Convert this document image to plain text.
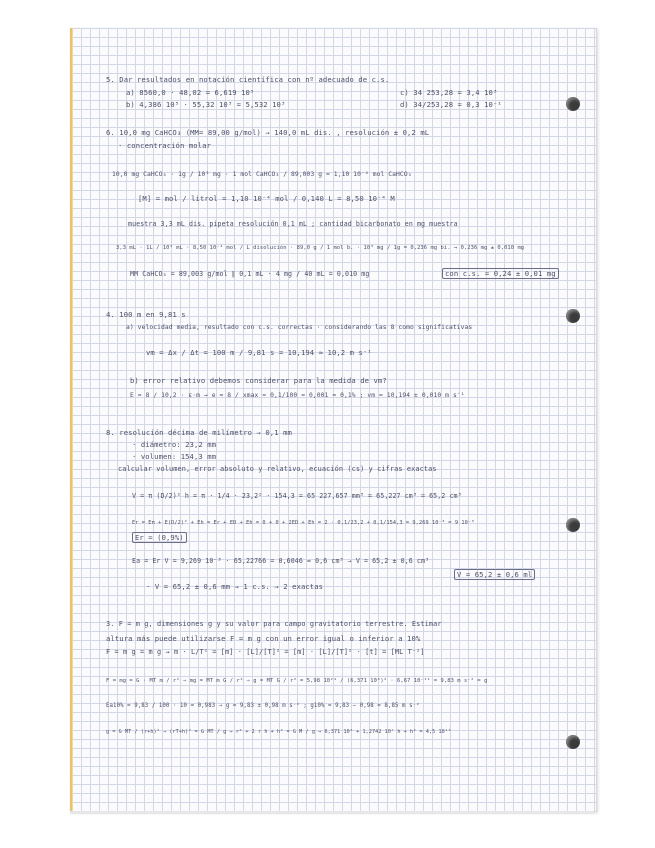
5. Dar resultados en notación científica con nº adecuado de c.s.
a) 8560,0 · 48,02 = 6,619 10⁵	c) 34 253,28 = 3,4 10³
b) 4,386 10⁵ · 55,32 10³ = 5,532 10³	d) 34/253,28 = 0,3 10⁻¹
6. 10,0 mg CaHCO₃ (MM= 89,00 g/mol) → 140,0 mL dis. , resolución ± 0,2 mL
· concentración molar
10,0 mg CaHCO₃ · 1g / 10³ mg · 1 mol CaHCO₃ / 89,003 g = 1,10 10⁻⁴ mol CaHCO₃
[M] = mol / litrol = 1,10 10⁻⁴ mol / 0,140 L = 8,50 10⁻⁴ M
muestra 3,3 mL dis. pipeta resolución 0,1 mL ; cantidad bicarbonato en mg muestra
3,3 mL · 1L / 10³ mL · 8,50 10⁻⁴ mol / L disolución · 89,0 g / 1 mol b. · 10³ mg / 1g = 0,236 mg bi. → 0,236 mg ± 0,010 mg
MM CaHCO₃ = 89,003 g/mol ∥ 0,1 mL · 4 mg / 40 mL = 0,010 mg	con c.s. = 0,24 ± 0,01 mg
4. 100 m en 9,81 s
a) velocidad media, resultado con c.s. correctas · considerando las 8 como significativas
vm = Δx / Δt = 100 m / 9,81 s = 10,194 ≈ 10,2 m s⁻¹
b) error relativo debemos considerar para la medida de vm?
E = 8 / 10,2 · ε·m → e = 8 / xmax = 0,1/100 = 0,001 = 0,1% ; vm = 10,194 ± 0,010 m s⁻¹
8. resolución décima de milímetro → 0,1 mm
· diámetro: 23,2 mm
· volumen: 154,3 mm
calcular volumen, error absoluto y relativo, ecuación (cs) y cifras exactas
V = π (D/2)² h = π · 1/4 · 23,2² · 154,3 = 65 227,657 mm³ = 65,227 cm³ = 65,2 cm³
Er = Eπ + E(D/2)² + Eh = Er + ED + Eh = 0 + 0 + 2ED + Eh = 2 · 0,1/23,2 + 0,1/154,3 = 9,269 10⁻³ = 9 10⁻³
Er = (0,9%)
Ea = Er V = 9,269 10⁻³ · 65,22766 = 0,6046 ≈ 0,6 cm³ → V = 65,2 ± 0,6 cm³
V = 65,2 ± 0,6 ml
· V = 65,2 ± 0,6 mm → 1 c.s. → 2 exactas
3. F = m g, dimensiones g y su valor para campo gravitatorio terrestre. Estimar
altura más puede utilizarse F = m g con un error igual o inferior a 10%
F = m g = m g → m · L/T² = [m] · [L]/[T]² = [m] · [L]/[T]² · [t] = [ML T⁻²]
F = mg = G · MT m / r² ⇒ mg = MT m G / r² ⇒ g = MT G / r² = 5,98 10²⁴ / (6,371 10⁶)² · 6,67 10⁻¹¹ = 9,83 m s⁻² = g
Ea10% = 9,83 / 100 · 10 = 0,983 → g = 9,83 ± 0,98 m s⁻² ; g10% = 9,83 − 0,98 = 8,85 m s⁻²
g = G MT / (r+h)² → (rT+h)² = G MT / g ⇒ r² + 2 r h + h² = G M / g ⇒ 6,371 10⁶ + 1,2742 10⁷ h + h² = 4,5 10¹³
